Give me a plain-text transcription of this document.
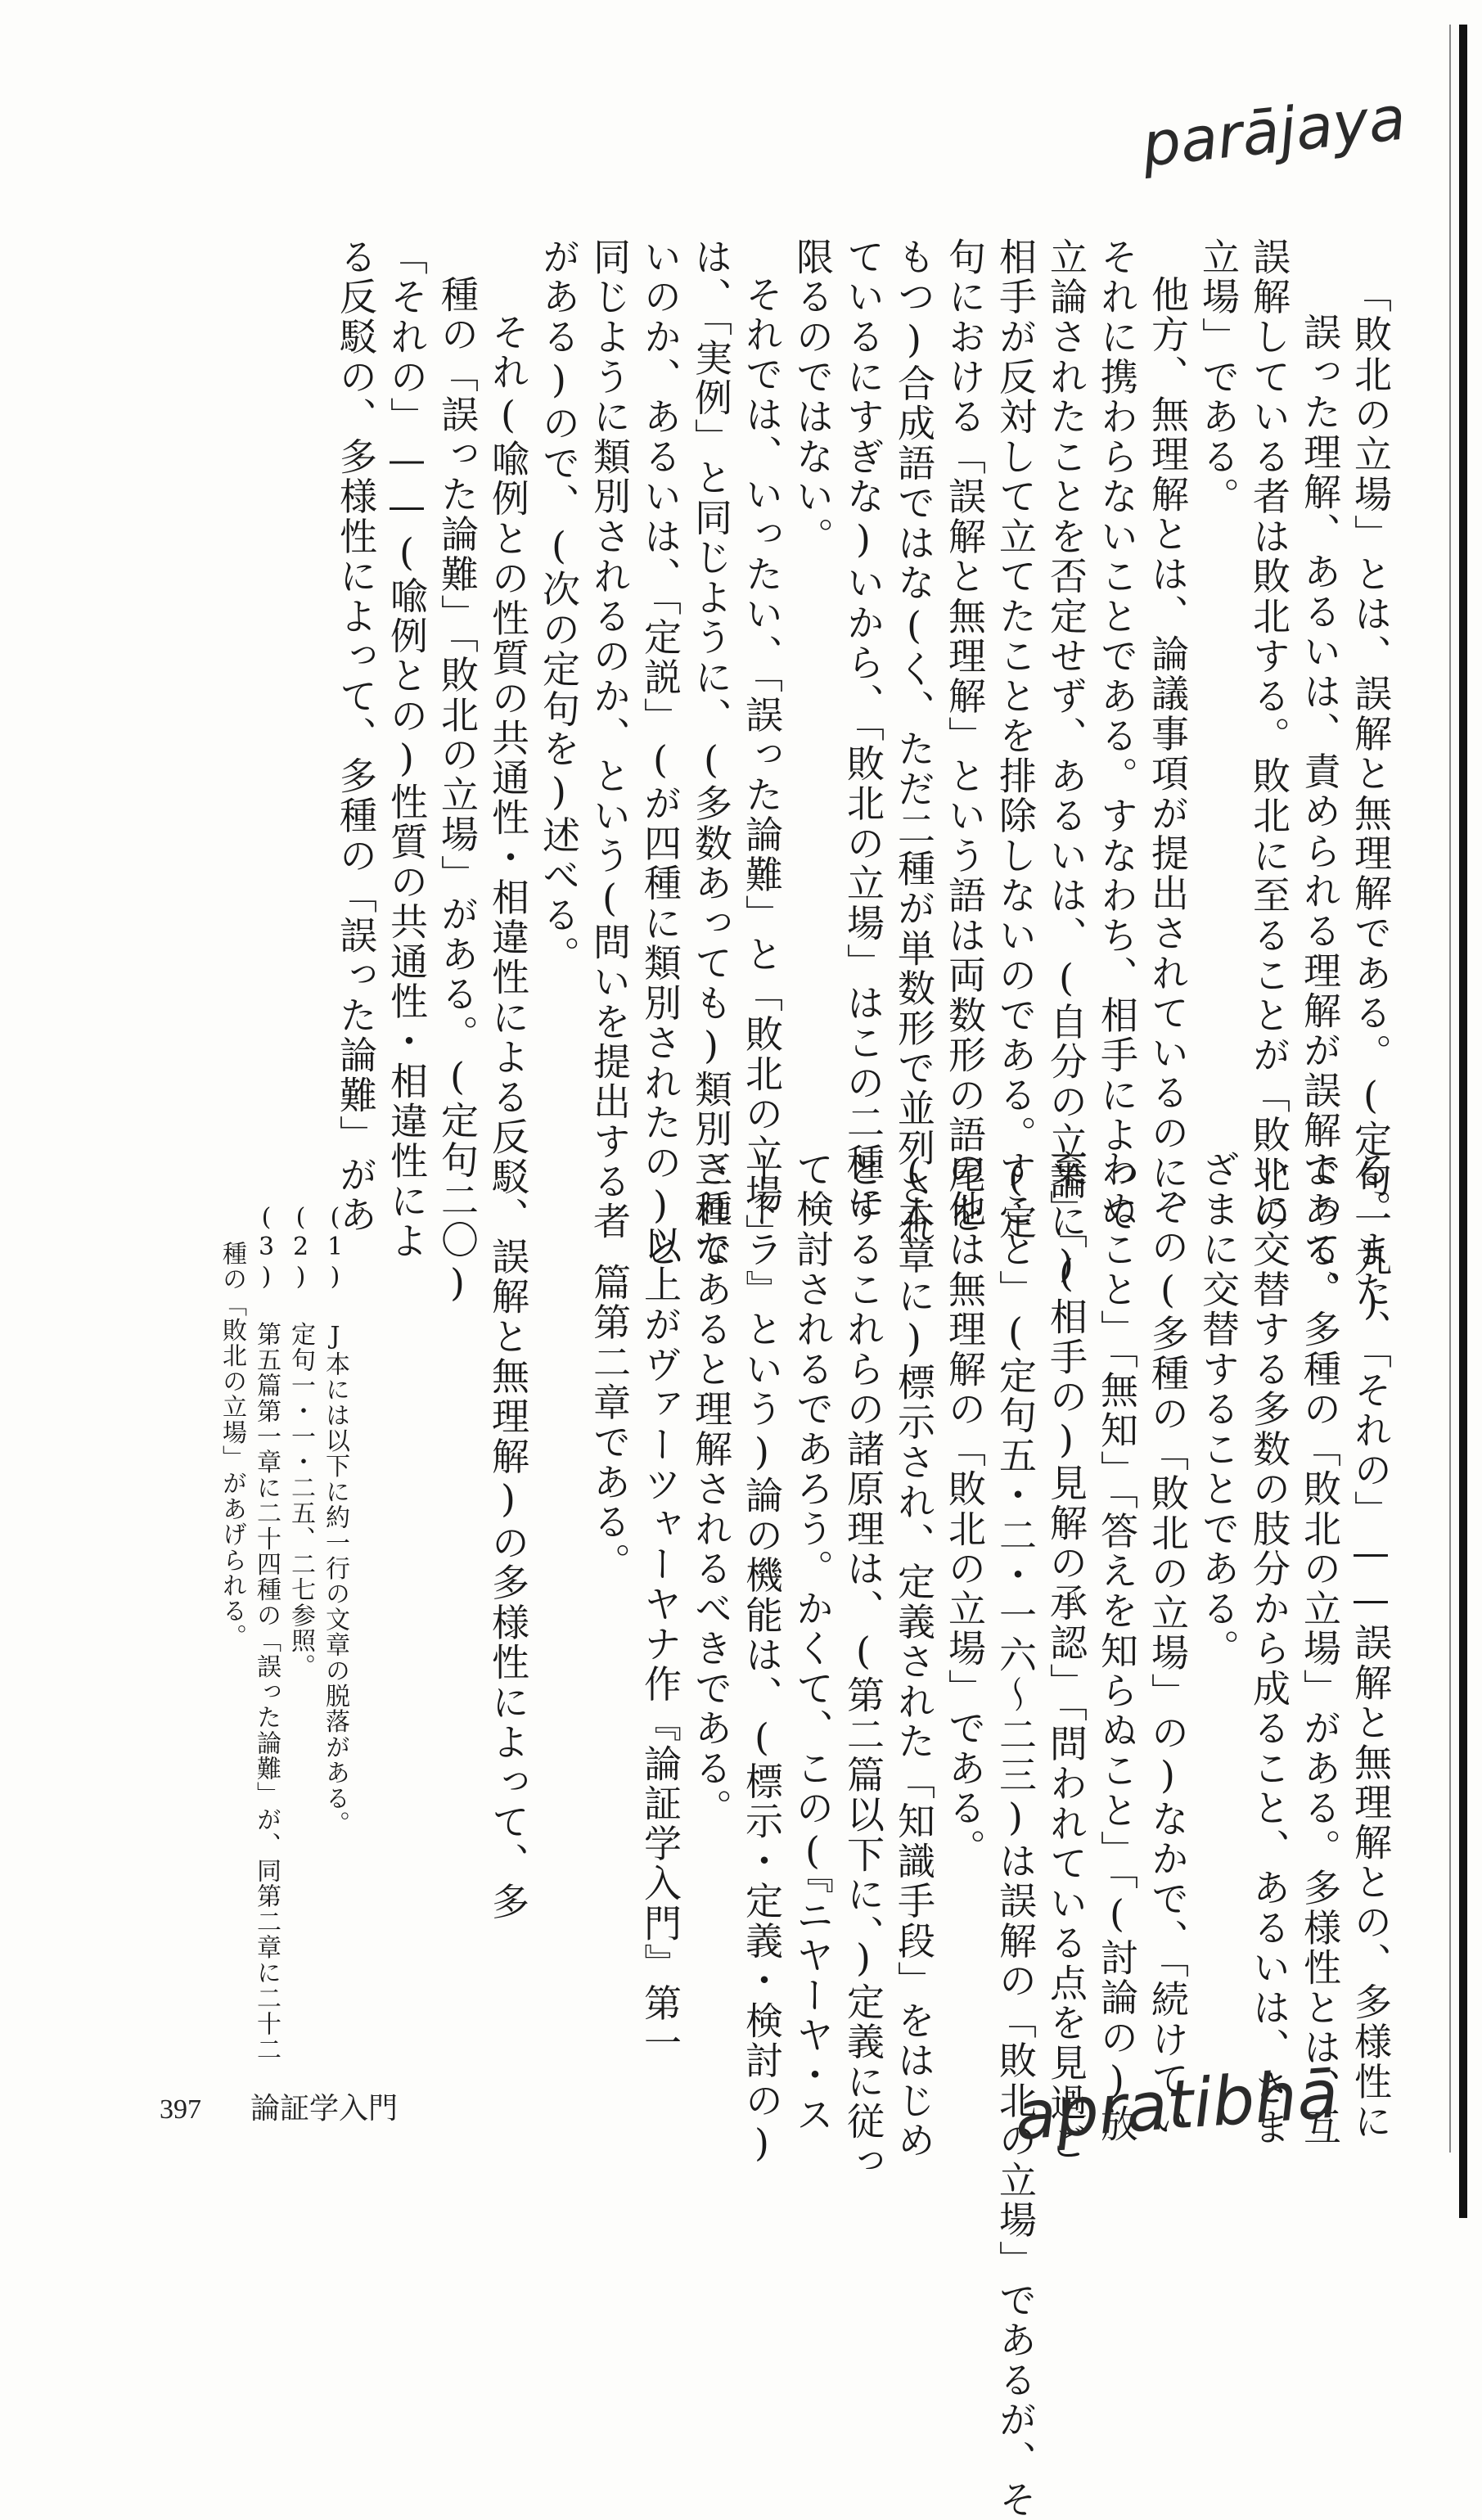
parājaya
「敗北の立場」とは、誤解と無理解である。(定句一九)
誤った理解、あるいは、責められる理解が誤解である。
誤解している者は敗北する。敗北に至ることが「敗北の
立場」である。
他方、無理解とは、論議事項が提出されているのに、
それに携わらないことである。すなわち、相手によって
立論されたことを否定せず、あるいは、(自分の立論に)
相手が反対して立てたことを排除しないのである。(定
句における「誤解と無理解」という語は両数形の語尾を
もつ)合成語ではな(く、ただ二種が単数形で並列され
ているにすぎな)いから、「敗北の立場」はこの二種に
限るのではない。
それでは、いったい、「誤った論難」と「敗北の立場」
は、「実例」と同じように、(多数あっても)類別されな
いのか、あるいは、「定説」(が四種に類別されたの)と
同じように類別されるのか、という(問いを提出する者
がある)ので、(次の定句を)述べる。
それ(喩例との性質の共通性・相違性による反駁、誤解と無理解)の多様性によって、多
種の「誤った論難」「敗北の立場」がある。(定句二〇)
「それの」——(喩例との)性質の共通性・相違性によ
る反駁の、多様性によって、多種の「誤った論難」があ
る。また、「それの」——誤解と無理解との、多様性に
よって、多種の「敗北の立場」がある。多様性とは、互
いに交替する多数の肢分から成ること、あるいは、さま
ざまに交替することである。
その(多種の「敗北の立場」の)なかで、「続けてい
わぬこと」「無知」「答えを知らぬこと」「(討論の)放
棄」「(相手の)見解の承認」「問われている点を見過ご
すこと」(定句五・二・一六〜二三)は誤解の「敗北の立場」であるが、そ
の他は無理解の「敗北の立場」である。
(本章に)標示され、定義された「知識手段」をはじめ
とするこれらの諸原理は、(第二篇以下に、)定義に従っ
て検討されるであろう。かくて、この(『ニヤーヤ・ス
ートラ』という)論の機能は、(標示・定義・検討の)
三種であると理解されるべきである。
以上がヴァーツャーヤナ作『論証学入門』第一
篇第二章である。
(1) J本には以下に約一行の文章の脱落がある。
(2) 定句一・一・二五、二七参照。
(3) 第五篇第一章に二十四種の「誤った論難」が、同第二章に二十二
種の「敗北の立場」があげられる。
397 論証学入門	apratibhā
